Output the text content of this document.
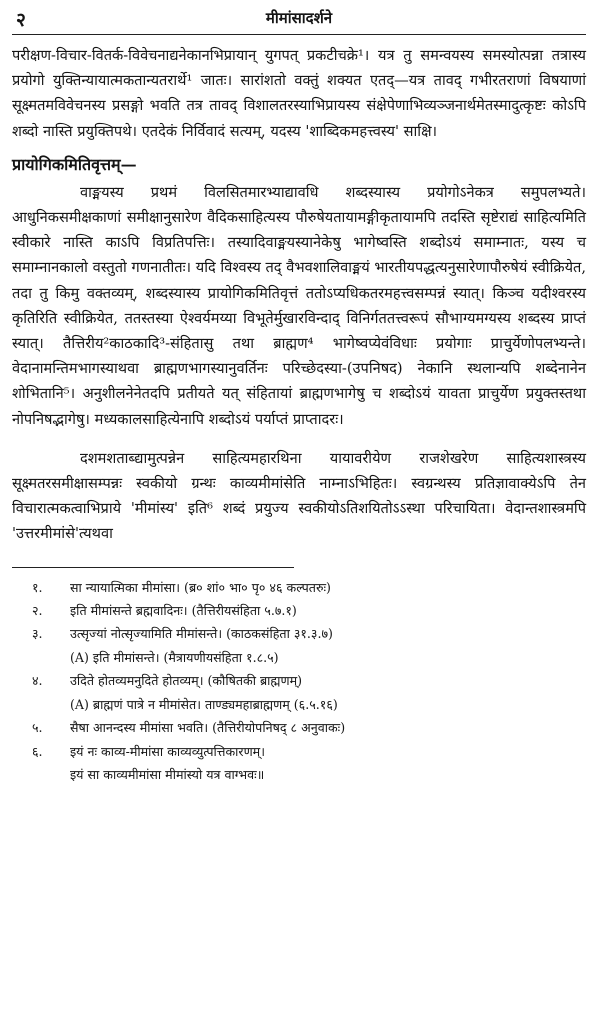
२	मीमांसादर्शने

परीक्षण-विचार-वितर्क-विवेचनाद्यनेकानभिप्रायान् युगपत् प्रकटीचक्रे¹। यत्र तु समन्वयस्य समस्योत्पन्ना तत्रास्य प्रयोगो युक्तिन्यायात्मकतान्यतरार्थे¹ जातः। सारांशतो वक्तुं शक्यत एतद्—यत्र तावद् गभीरतराणां विषयाणां सूक्ष्मतमविवेचनस्य प्रसङ्गो भवति तत्र तावद् विशालतरस्याभिप्रायस्य संक्षेपेणाभिव्यञ्जनार्थमेतस्मादुत्कृष्टः कोऽपि शब्दो नास्ति प्रयुक्तिपथे। एतदेकं निर्विवादं सत्यम्, यदस्य 'शाब्दिकमहत्त्वस्य' साक्षि।

प्रायोगिकमितिवृत्तम्—

वाङ्मयस्य प्रथमं विलसितमारभ्याद्यावधि शब्दस्यास्य प्रयोगोऽनेकत्र समुपलभ्यते। आधुनिकसमीक्षकाणां समीक्षानुसारेण वैदिकसाहित्यस्य पौरुषेयतायामङ्गीकृतायामपि तदस्ति सृष्टेराद्यं साहित्यमिति स्वीकारे नास्ति काऽपि विप्रतिपत्तिः। तस्यादिवाङ्मयस्यानेकेषु भागेष्वस्ति शब्दोऽयं समाम्नातः, यस्य च समाम्नानकालो वस्तुतो गणनातीतः। यदि विश्वस्य तद् वैभवशालिवाङ्मयं भारतीयपद्धत्यनुसारेणापौरुषेयं स्वीक्रियेत, तदा तु किमु वक्तव्यम्, शब्दस्यास्य प्रायोगिकमितिवृत्तं ततोऽप्यधिकतरमहत्त्वसम्पन्नं स्यात्। किञ्च यदीश्वरस्य कृतिरिति स्वीक्रियेत, ततस्तस्या ऐश्वर्यमय्या विभूतेर्मुखारविन्दाद् विनिर्गततत्त्वरूपं सौभाग्यमग्यस्य शब्दस्य प्राप्तं स्यात्। तैत्तिरीय²काठकादि³-संहितासु तथा ब्राह्मण⁴ भागेष्वप्येवंविधाः प्रयोगाः प्राचुर्येणोपलभ्यन्ते। वेदानामन्तिमभागस्याथवा ब्राह्मणभागस्यानुवर्तिनः परिच्छेदस्या-(उपनिषद) नेकानि स्थलान्यपि शब्देनानेन शोभितानि⁵। अनुशीलनेनेतदपि प्रतीयते यत् संहितायां ब्राह्मणभागेषु च शब्दोऽयं यावता प्राचुर्येण प्रयुक्तस्तथा नोपनिषद्भागेषु। मध्यकालसाहित्येनापि शब्दोऽयं पर्याप्तं प्राप्तादरः।

दशमशताब्द्यामुत्पन्नेन साहित्यमहारथिना यायावरीयेण राजशेखरेण साहित्यशास्त्रस्य सूक्ष्मतरसमीक्षासम्पन्नः स्वकीयो ग्रन्थः काव्यमीमांसेति नाम्नाऽभिहितः। स्वग्रन्थस्य प्रतिज्ञावाक्येऽपि तेन विचारात्मकत्वाभिप्राये 'मीमांस्य' इति⁶ शब्दं प्रयुज्य स्वकीयोऽतिशयितोऽऽस्था परिचायिता। वेदान्तशास्त्रमपि 'उत्तरमीमांसे'त्यथवा

१. सा न्यायात्मिका मीमांसा। (ब्र० शां० भा० पृ० ४६ कल्पतरुः)
२. इति मीमांसन्ते ब्रह्मवादिनः। (तैत्तिरीयसंहिता ५.७.१)
३. उत्सृज्यां नोत्सृज्यामिति मीमांसन्ते। (काठकसंहिता ३१.३.७)
(A) इति मीमांसन्ते। (मैत्रायणीयसंहिता १.८.५)
४. उदिते होतव्यमनुदिते होतव्यम्। (कौषितकी ब्राह्मणम्)
(A) ब्राह्मणं पात्रे न मीमांसेत। ताण्ड्यमहाब्राह्मणम् (६.५.१६)
५. सैषा आनन्दस्य मीमांसा भवति। (तैत्तिरीयोपनिषद् ८ अनुवाकः)
६. इयं नः काव्य-मीमांसा काव्यव्युत्पत्तिकारणम्।
इयं सा काव्यमीमांसा मीमांस्यो यत्र वाग्भवः॥
